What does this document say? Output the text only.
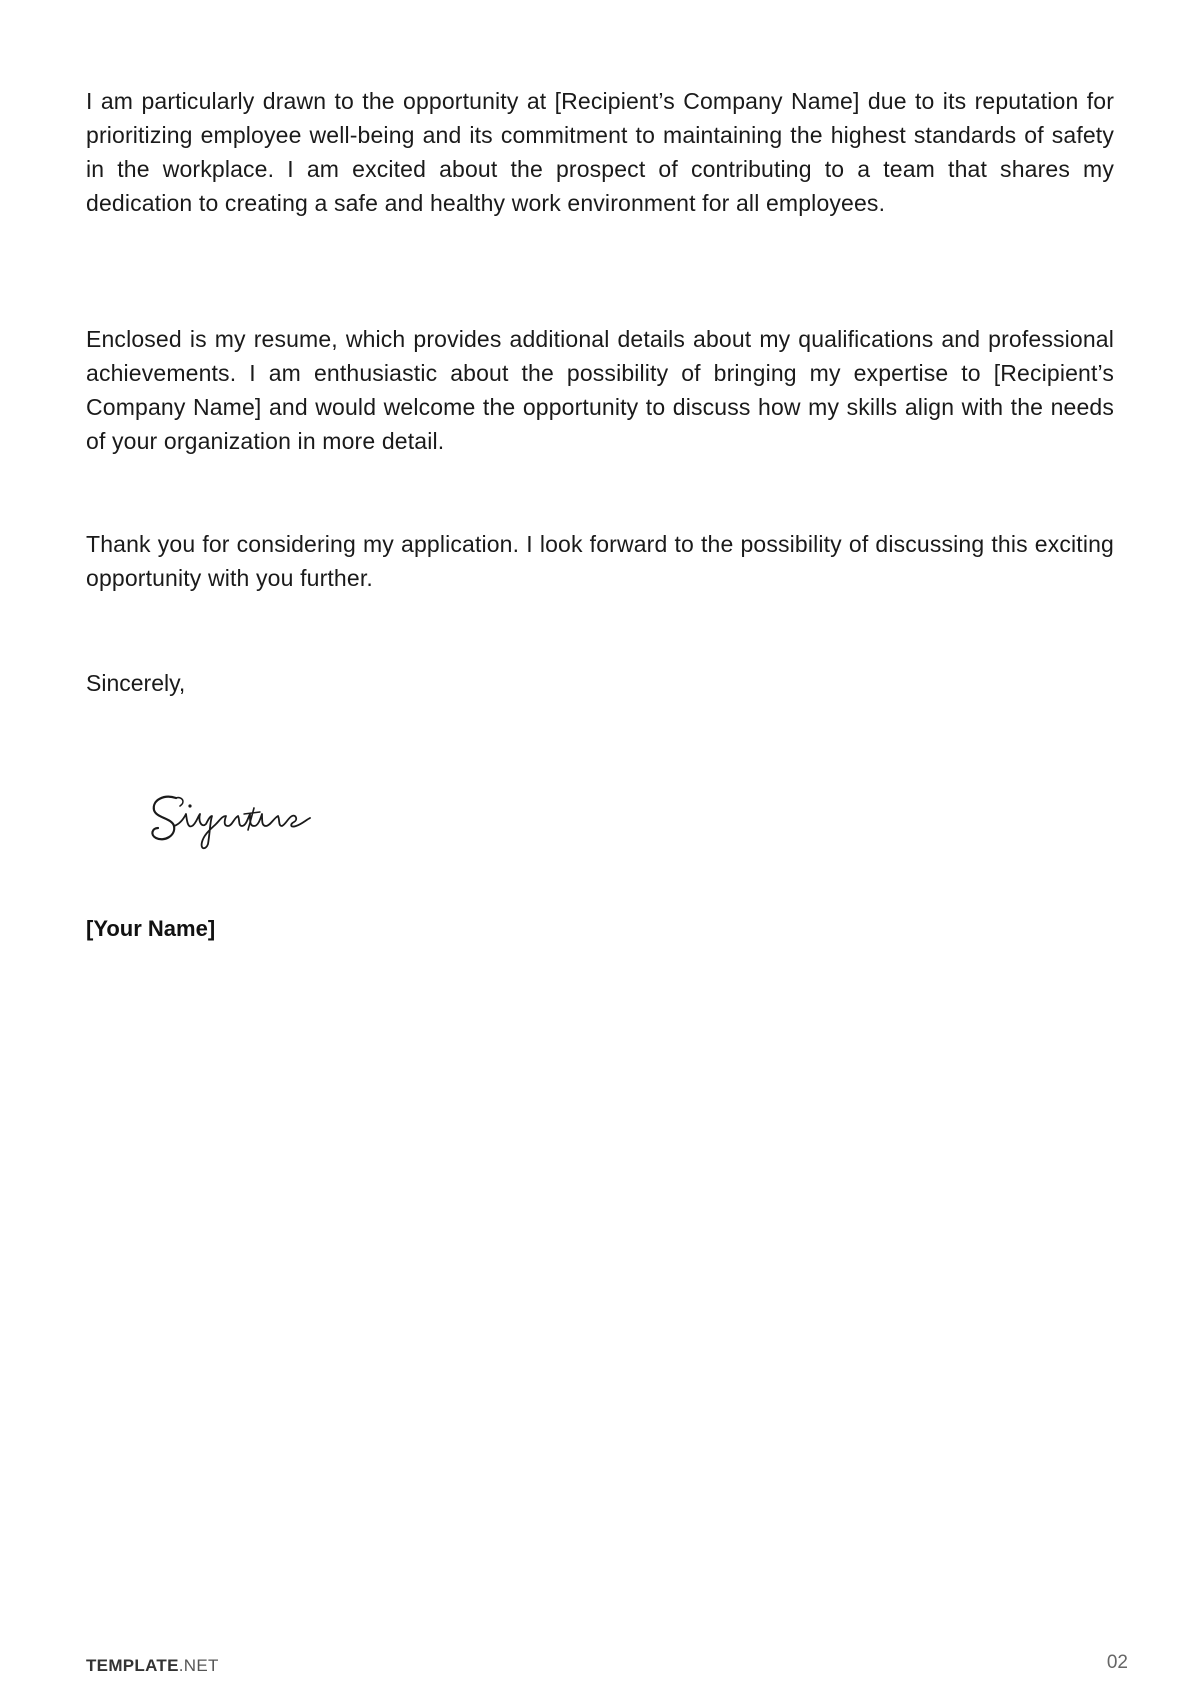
I am particularly drawn to the opportunity at [Recipient’s Company Name] due to its reputation for prioritizing employee well-being and its commitment to maintaining the highest standards of safety in the workplace. I am excited about the prospect of contributing to a team that shares my dedication to creating a safe and healthy work environment for all employees.

Enclosed is my resume, which provides additional details about my qualifications and professional achievements. I am enthusiastic about the possibility of bringing my expertise to [Recipient’s Company Name] and would welcome the opportunity to discuss how my skills align with the needs of your organization in more detail.

Thank you for considering my application. I look forward to the possibility of discussing this exciting opportunity with you further.

Sincerely,

[Your Name]

TEMPLATE.NET	02
